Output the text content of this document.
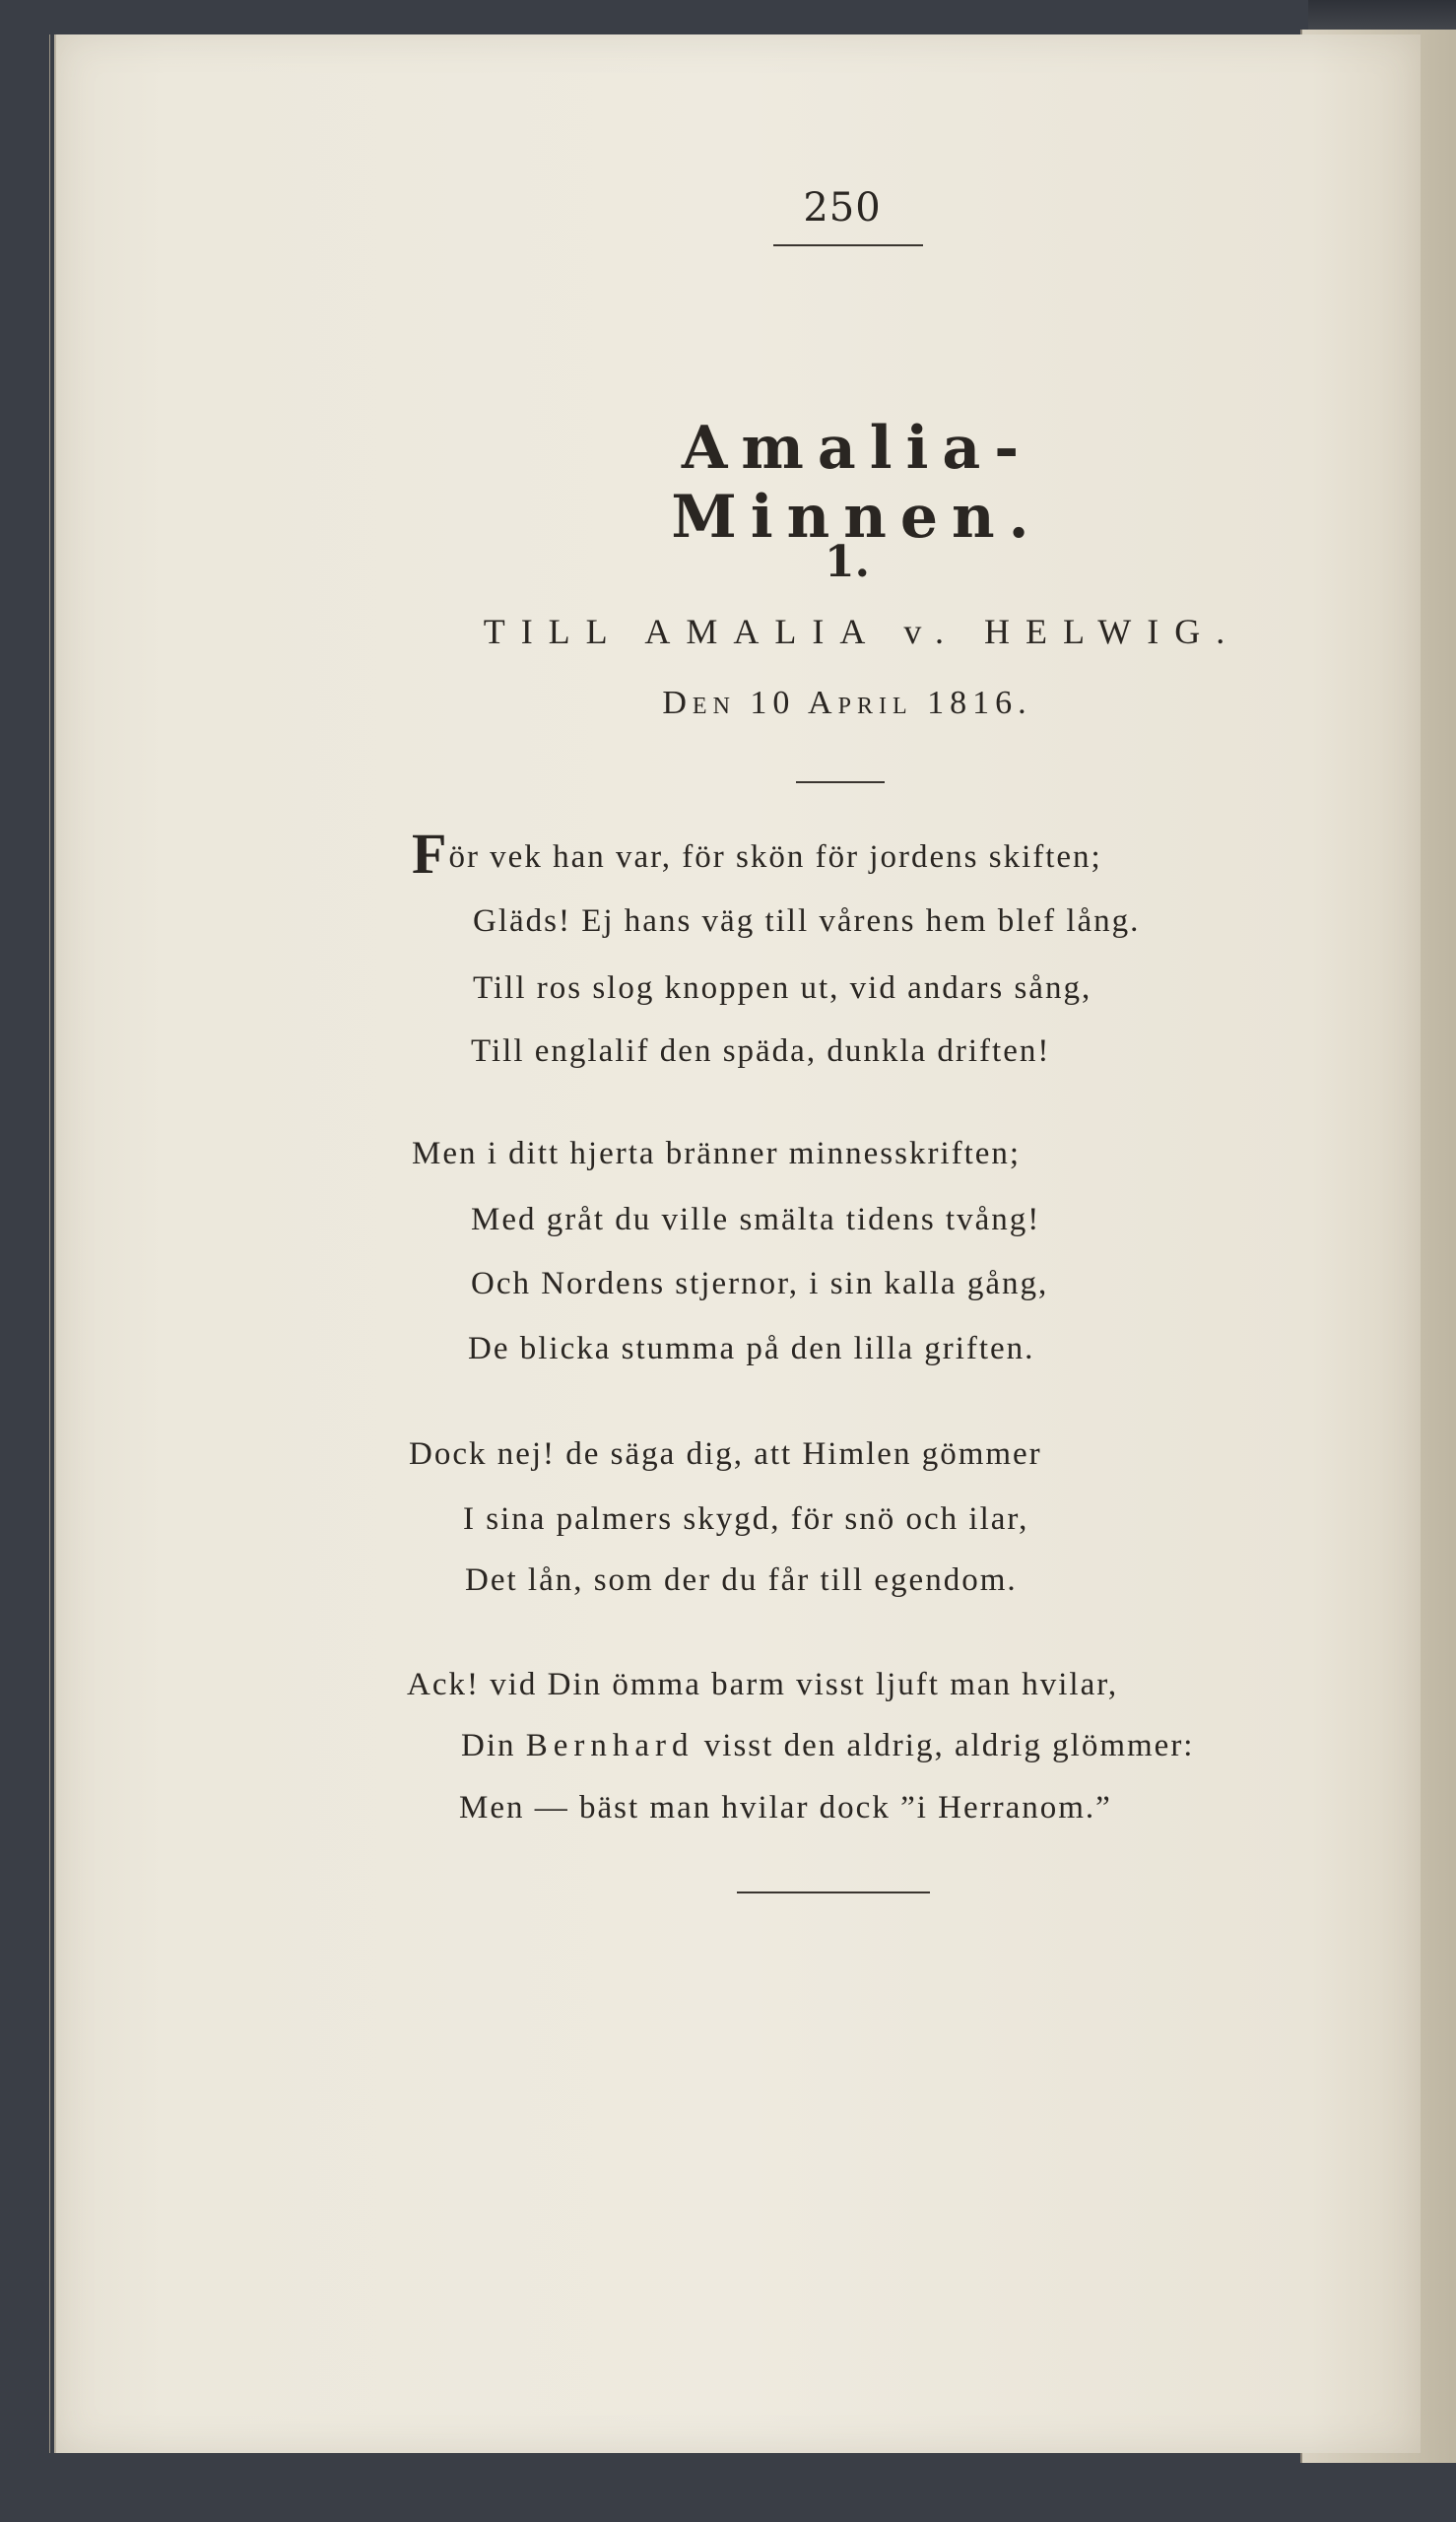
250
Amalia-Minnen.
1.
TILL AMALIA v. HELWIG.
Den 10 April 1816.
För vek han var, för skön för jordens skiften;
Gläds! Ej hans väg till vårens hem blef lång.
Till ros slog knoppen ut, vid andars sång,
Till englalif den späda, dunkla driften!
Men i ditt hjerta bränner minnesskriften;
Med gråt du ville smälta tidens tvång!
Och Nordens stjernor, i sin kalla gång,
De blicka stumma på den lilla griften.
Dock nej! de säga dig, att Himlen gömmer
I sina palmers skygd, för snö och ilar,
Det lån, som der du får till egendom.
Ack! vid Din ömma barm visst ljuft man hvilar,
Din Bernhard visst den aldrig, aldrig glömmer:
Men — bäst man hvilar dock ”i Herranom.”
